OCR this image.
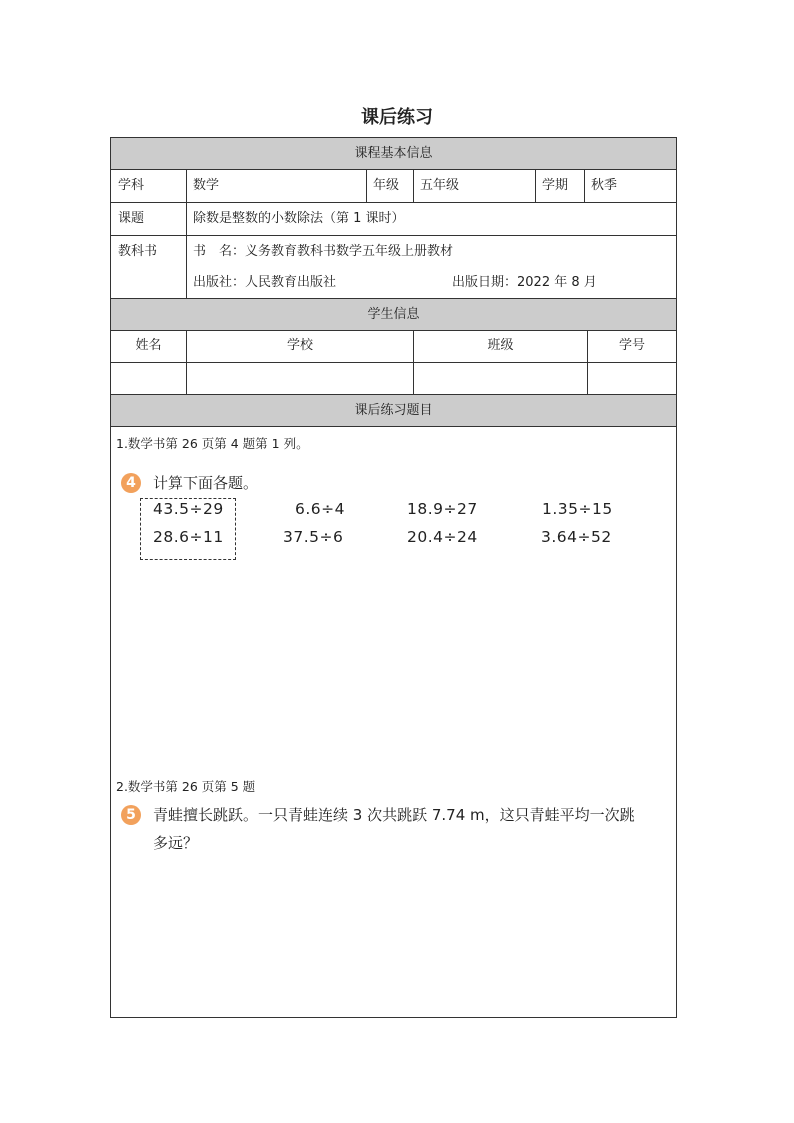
课后练习
课程基本信息
学生信息
课后练习题目
学科	数学	年级 五年级	学期 秋季
课题	除数是整数的小数除法（第 1 课时）
教科书	书　名：义务教育教科书数学五年级上册教材
出版社：人民教育出版社	出版日期：2022 年 8 月
姓名	学校	班级	学号
1.数学书第 26 页第 4 题第 1 列。
4	计算下面各题。
43.5÷29	6.6÷4	18.9÷27	1.35÷15
28.6÷11	37.5÷6	20.4÷24	3.64÷52
2.数学书第 26 页第 5 题
5	青蛙擅长跳跃。一只青蛙连续 3 次共跳跃 7.74 m，这只青蛙平均一次跳
多远？
